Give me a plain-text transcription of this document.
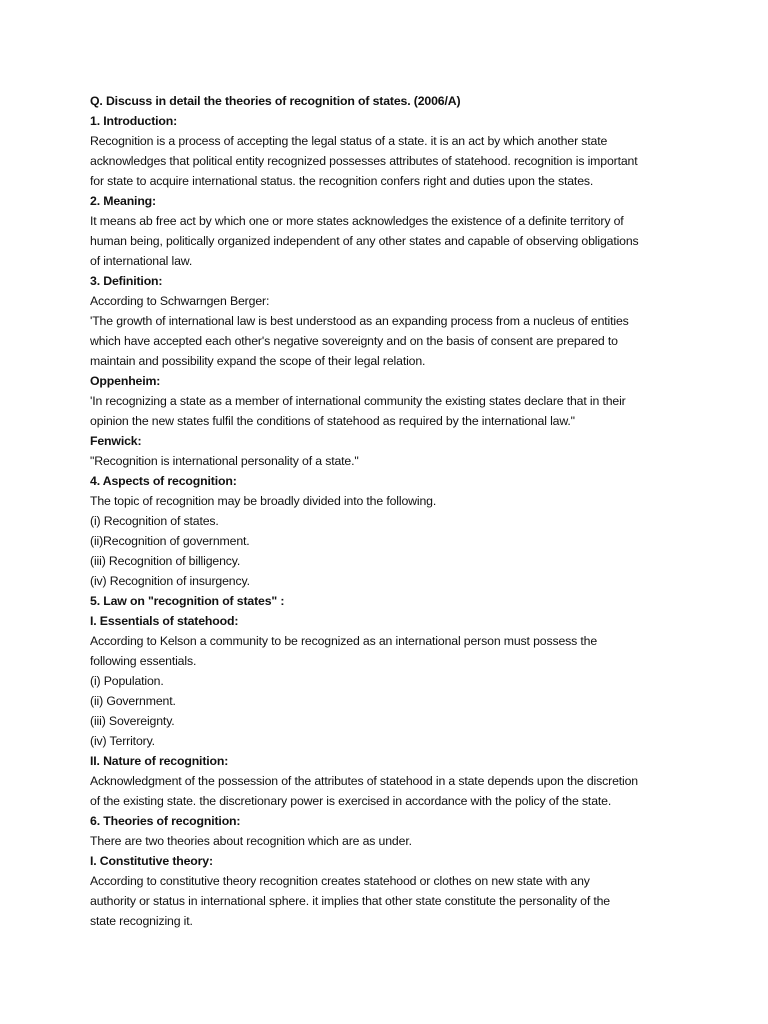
Q. Discuss in detail the theories of recognition of states. (2006/A)
1. Introduction:
Recognition is a process of accepting the legal status of a state. it is an act by which another state
acknowledges that political entity recognized possesses attributes of statehood. recognition is important
for state to acquire international status. the recognition confers right and duties upon the states.
2. Meaning:
It means ab free act by which one or more states acknowledges the existence of a definite territory of
human being, politically organized independent of any other states and capable of observing obligations
of international law.
3. Definition:
According to Schwarngen Berger:
'The growth of international law is best understood as an expanding process from a nucleus of entities
which have accepted each other's negative sovereignty and on the basis of consent are prepared to
maintain and possibility expand the scope of their legal relation.
Oppenheim:
'In recognizing a state as a member of international community the existing states declare that in their
opinion the new states fulfil the conditions of statehood as required by the international law."
Fenwick:
"Recognition is international personality of a state."
4. Aspects of recognition:
The topic of recognition may be broadly divided into the following.
(i) Recognition of states.
(ii)Recognition of government.
(iii) Recognition of billigency.
(iv) Recognition of insurgency.
5. Law on "recognition of states" :
I. Essentials of statehood:
According to Kelson a community to be recognized as an international person must possess the
following essentials.
(i) Population.
(ii) Government.
(iii) Sovereignty.
(iv) Territory.
II. Nature of recognition:
Acknowledgment of the possession of the attributes of statehood in a state depends upon the discretion
of the existing state. the discretionary power is exercised in accordance with the policy of the state.
6. Theories of recognition:
There are two theories about recognition which are as under.
I. Constitutive theory:
According to constitutive theory recognition creates statehood or clothes on new state with any
authority or status in international sphere. it implies that other state constitute the personality of the
state recognizing it.
